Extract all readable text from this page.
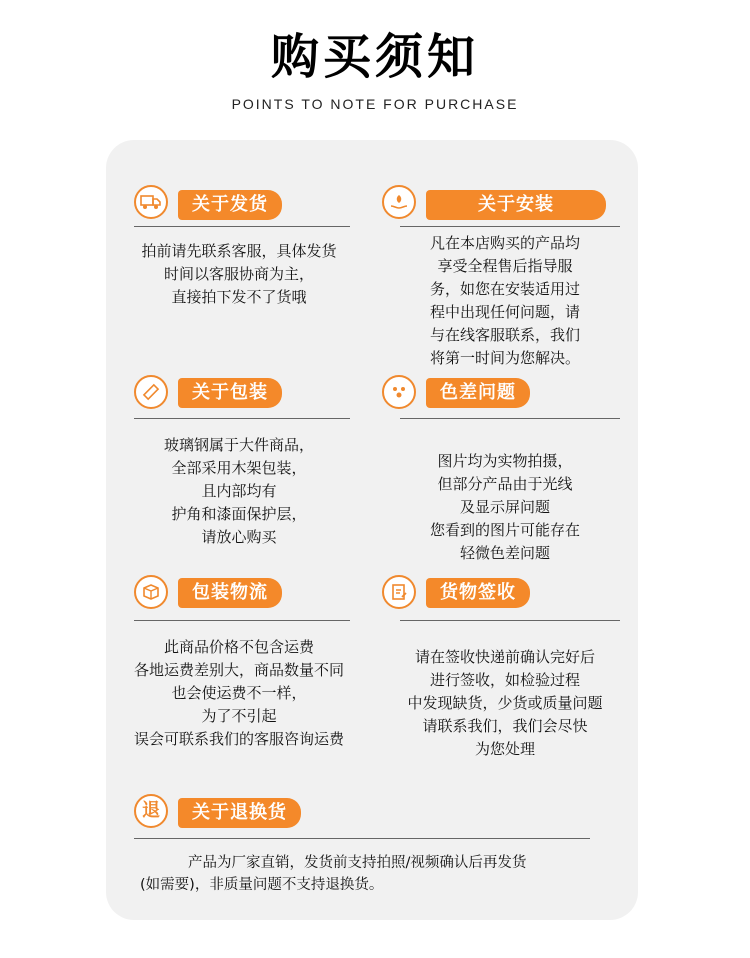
购买须知
POINTS TO NOTE FOR PURCHASE
关于发货
拍前请先联系客服，具体发货
时间以客服协商为主，
直接拍下发不了货哦
关于安装
凡在本店购买的产品均
享受全程售后指导服
务，如您在安装适用过
程中出现任何问题，请
与在线客服联系，我们
将第一时间为您解决。
关于包装
玻璃钢属于大件商品，
全部采用木架包装，
且内部均有
护角和漆面保护层，
请放心购买
色差问题
图片均为实物拍摄，
但部分产品由于光线
及显示屏问题
您看到的图片可能存在
轻微色差问题
包装物流
此商品价格不包含运费
各地运费差别大，商品数量不同
也会使运费不一样，
为了不引起
误会可联系我们的客服咨询运费
货物签收
请在签收快递前确认完好后
进行签收，如检验过程
中发现缺货，少货或质量问题
请联系我们，我们会尽快
为您处理
退	关于退换货
产品为厂家直销，发货前支持拍照/视频确认后再发货
(如需要)，非质量问题不支持退换货。
